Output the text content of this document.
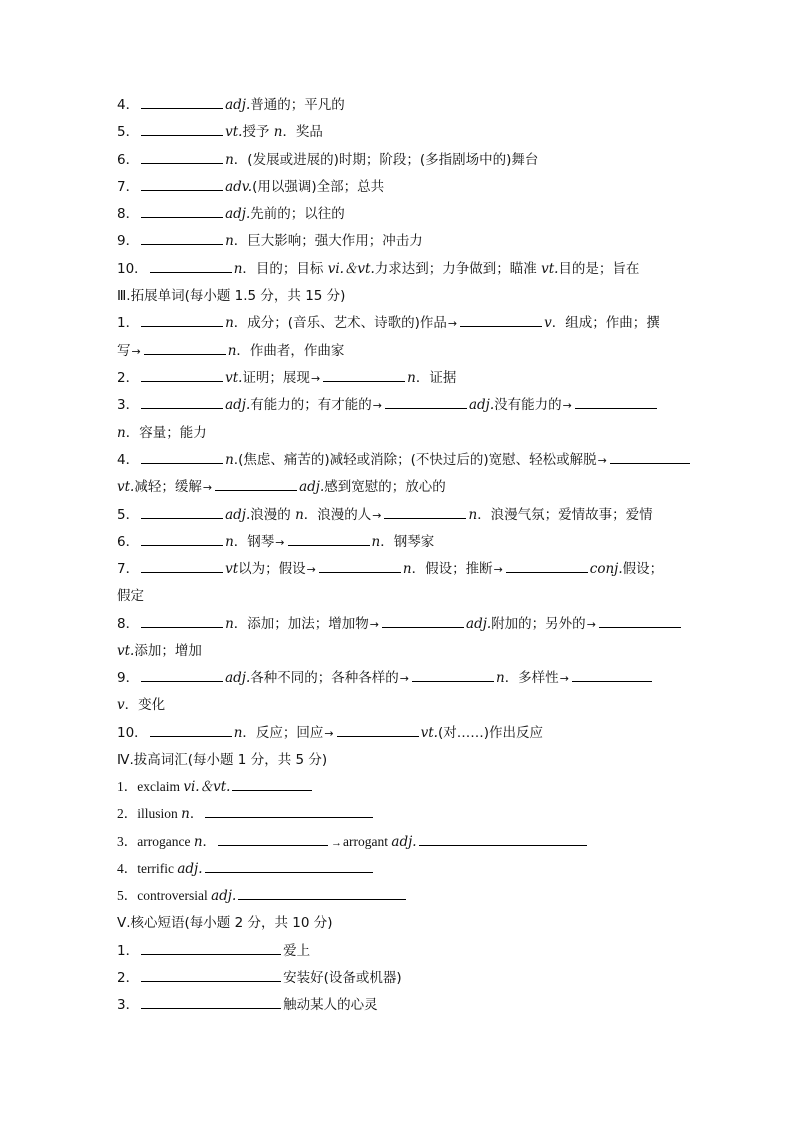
4．	adj.普通的；平凡的
5．	vt.授予 n．奖品
6．	n．(发展或进展的)时期；阶段；(多指剧场中的)舞台
7．	adv.(用以强调)全部；总共
8．	adj.先前的；以往的
9．	n．巨大影响；强大作用；冲击力
10．	n．目的；目标 vi.＆vt.力求达到；力争做到；瞄准 vt.目的是；旨在
Ⅲ.拓展单词(每小题 1.5 分，共 15 分)
1．	n．成分；(音乐、艺术、诗歌的)作品→	v．组成；作曲；撰
写→	n．作曲者，作曲家
2．	vt.证明；展现→	n．证据
3．	adj.有能力的；有才能的→	adj.没有能力的→
n．容量；能力
4．	n.(焦虑、痛苦的)减轻或消除；(不快过后的)宽慰、轻松或解脱→
vt.减轻；缓解→	adj.感到宽慰的；放心的
5．	adj.浪漫的 n．浪漫的人→	n．浪漫气氛；爱情故事；爱情
6．	n．钢琴→	n．钢琴家
7．	vt以为；假设→	n．假设；推断→	conj.假设；
假定
8．	n．添加；加法；增加物→	adj.附加的；另外的→
vt.添加；增加
9．	adj.各种不同的；各种各样的→	n．多样性→
v．变化
10．	n．反应；回应→	vt.(对……)作出反应
Ⅳ.拔高词汇(每小题 1 分，共 5 分)
1．exclaim vi.＆vt.
2．illusion n．
3．arrogance n．	→arrogant adj.
4．terrific adj.
5．controversial adj.
Ⅴ.核心短语(每小题 2 分，共 10 分)
1．	爱上
2．	安装好(设备或机器)
3．	触动某人的心灵
